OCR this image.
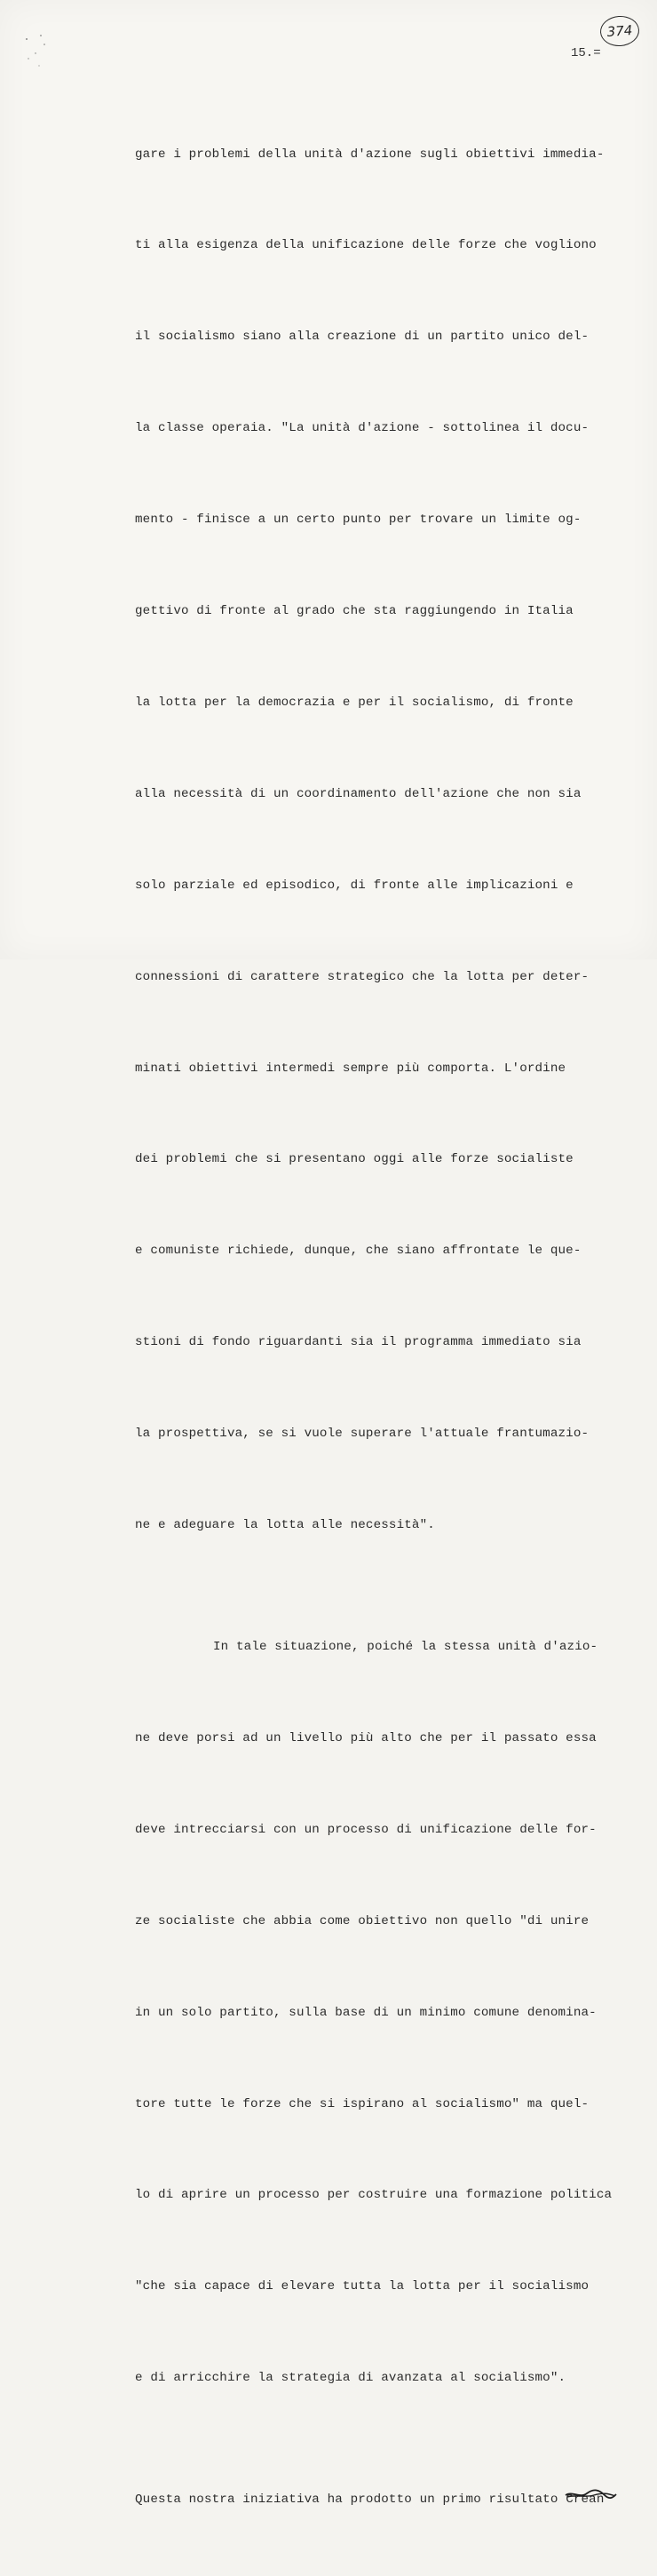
374
15.=

gare i problemi della unità d'azione sugli obiettivi immedia-

ti alla esigenza della unificazione delle forze che vogliono

il socialismo siano alla creazione di un partito unico del-

la classe operaia. "La unità d'azione - sottolinea il docu-

mento - finisce a un certo punto per trovare un limite og-

gettivo di fronte al grado che sta raggiungendo in Italia

la lotta per la democrazia e per il socialismo, di fronte

alla necessità di un coordinamento dell'azione che non sia

solo parziale ed episodico, di fronte alle implicazioni e

connessioni di carattere strategico che la lotta per deter-

minati obiettivi intermedi sempre più comporta. L'ordine

dei problemi che si presentano oggi alle forze socialiste

e comuniste richiede, dunque, che siano affrontate le que-

stioni di fondo riguardanti sia il programma immediato sia

la prospettiva, se si vuole superare l'attuale frantumazio-

ne e adeguare la lotta alle necessità".

In tale situazione, poiché la stessa unità d'azio-

ne deve porsi ad un livello più alto che per il passato essa

deve intrecciarsi con un processo di unificazione delle for-

ze socialiste che abbia come obiettivo non quello "di unire

in un solo partito, sulla base di un minimo comune denomina-

tore tutte le forze che si ispirano al socialismo" ma quel-

lo di aprire un processo per costruire una formazione politica

"che sia capace di elevare tutta la lotta per il socialismo

e di arricchire la strategia di avanzata al socialismo".

Questa nostra iniziativa ha prodotto un primo risultato Crean
